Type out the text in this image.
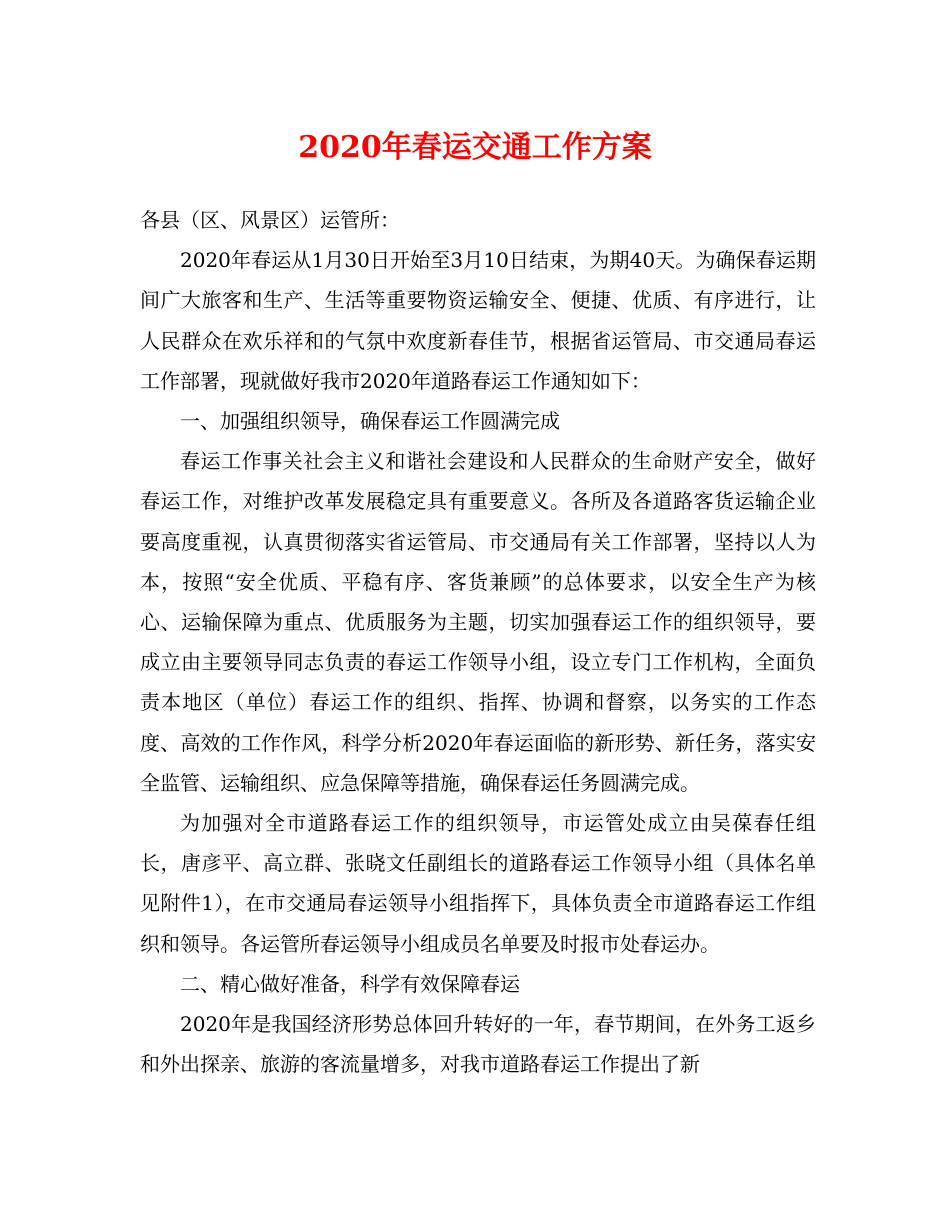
2020年春运交通工作方案

各县（区、风景区）运管所：

2020年春运从1月30日开始至3月10日结束，为期40天。为确保春运期间广大旅客和生产、生活等重要物资运输安全、便捷、优质、有序进行，让人民群众在欢乐祥和的气氛中欢度新春佳节，根据省运管局、市交通局春运工作部署，现就做好我市2020年道路春运工作通知如下：

一、加强组织领导，确保春运工作圆满完成

春运工作事关社会主义和谐社会建设和人民群众的生命财产安全，做好春运工作，对维护改革发展稳定具有重要意义。各所及各道路客货运输企业要高度重视，认真贯彻落实省运管局、市交通局有关工作部署，坚持以人为本，按照“安全优质、平稳有序、客货兼顾”的总体要求，以安全生产为核心、运输保障为重点、优质服务为主题，切实加强春运工作的组织领导，要成立由主要领导同志负责的春运工作领导小组，设立专门工作机构，全面负责本地区（单位）春运工作的组织、指挥、协调和督察，以务实的工作态度、高效的工作作风，科学分析2020年春运面临的新形势、新任务，落实安全监管、运输组织、应急保障等措施，确保春运任务圆满完成。

为加强对全市道路春运工作的组织领导，市运管处成立由吴葆春任组长，唐彦平、高立群、张晓文任副组长的道路春运工作领导小组（具体名单见附件1），在市交通局春运领导小组指挥下，具体负责全市道路春运工作组织和领导。各运管所春运领导小组成员名单要及时报市处春运办。

二、精心做好准备，科学有效保障春运

2020年是我国经济形势总体回升转好的一年，春节期间，在外务工返乡和外出探亲、旅游的客流量增多，对我市道路春运工作提出了新
